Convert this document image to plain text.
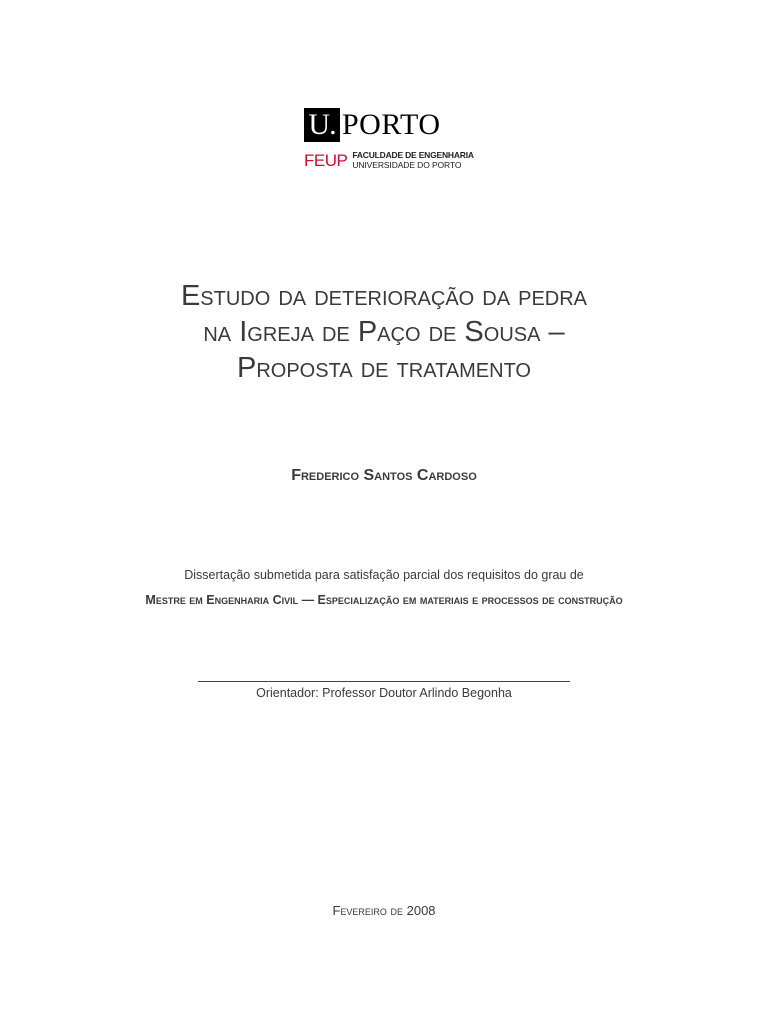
U. PORTO
FEUP FACULDADE DE ENGENHARIA
UNIVERSIDADE DO PORTO
Estudo da deterioração da pedra
na Igreja de Paço de Sousa –
Proposta de tratamento
Frederico Santos Cardoso
Dissertação submetida para satisfação parcial dos requisitos do grau de
Mestre em Engenharia Civil — Especialização em materiais e processos de construção
Orientador: Professor Doutor Arlindo Begonha
Fevereiro de 2008
